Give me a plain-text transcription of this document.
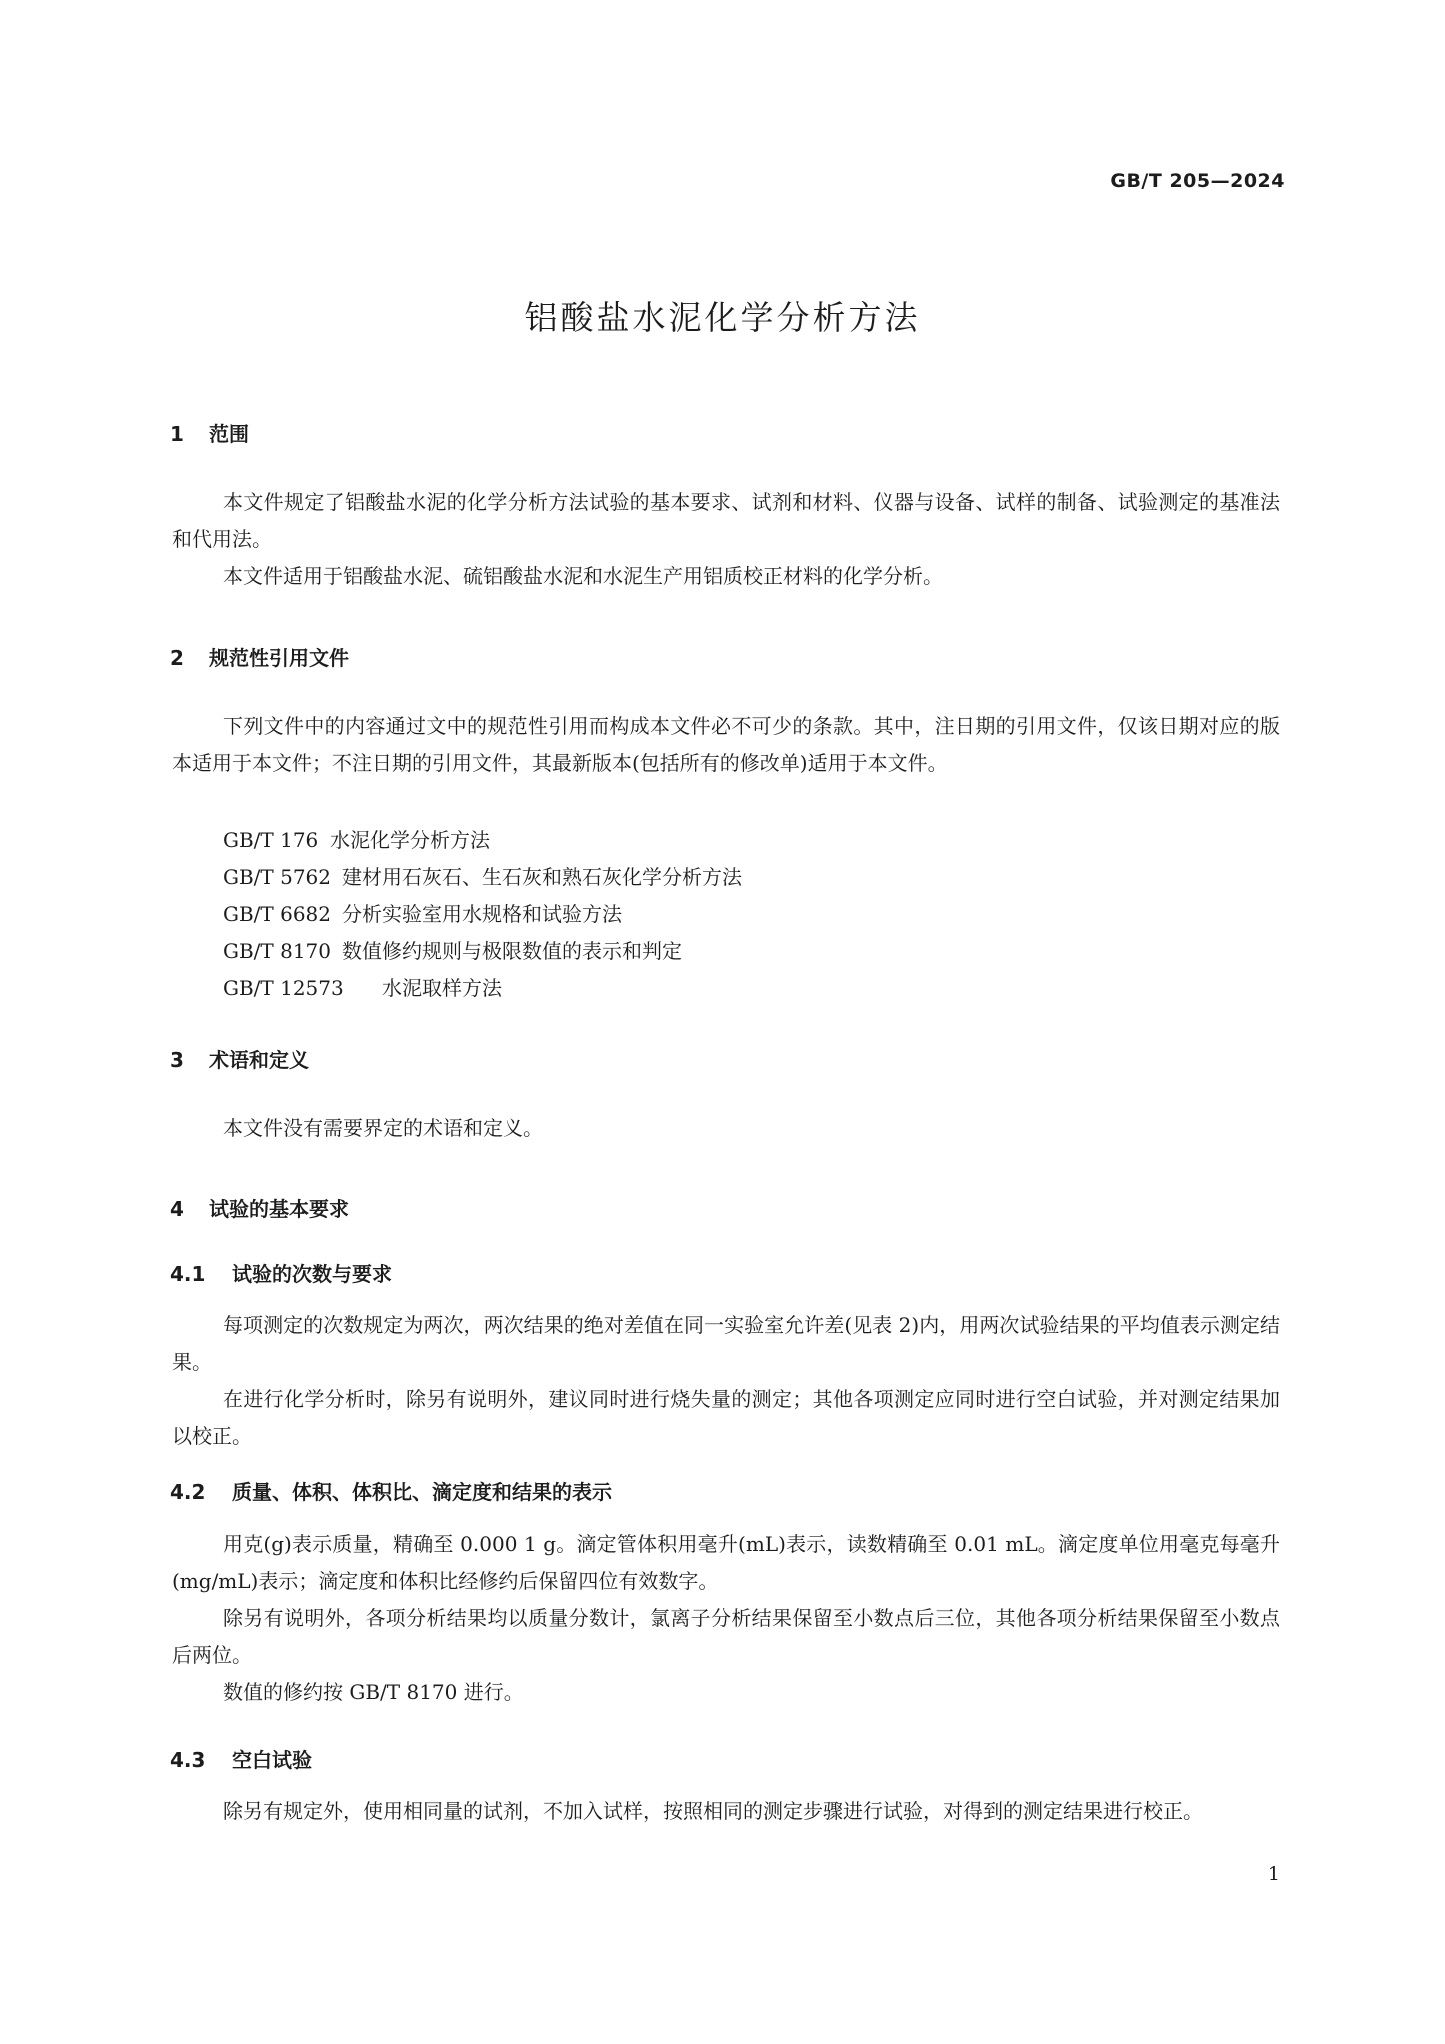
GB/T 205—2024
铝酸盐水泥化学分析方法
1 范围
本文件规定了铝酸盐水泥的化学分析方法试验的基本要求、试剂和材料、仪器与设备、试样的制备、试验测定的基准法和代用法。
本文件适用于铝酸盐水泥、硫铝酸盐水泥和水泥生产用铝质校正材料的化学分析。
2 规范性引用文件
下列文件中的内容通过文中的规范性引用而构成本文件必不可少的条款。其中，注日期的引用文件，仅该日期对应的版本适用于本文件；不注日期的引用文件，其最新版本(包括所有的修改单)适用于本文件。
GB/T 176 水泥化学分析方法
GB/T 5762 建材用石灰石、生石灰和熟石灰化学分析方法
GB/T 6682 分析实验室用水规格和试验方法
GB/T 8170 数值修约规则与极限数值的表示和判定
GB/T 12573 水泥取样方法
3 术语和定义
本文件没有需要界定的术语和定义。
4 试验的基本要求
4.1 试验的次数与要求
每项测定的次数规定为两次，两次结果的绝对差值在同一实验室允许差(见表 2)内，用两次试验结果的平均值表示测定结果。
在进行化学分析时，除另有说明外，建议同时进行烧失量的测定；其他各项测定应同时进行空白试验，并对测定结果加以校正。
4.2 质量、体积、体积比、滴定度和结果的表示
用克(g)表示质量，精确至 0.000 1 g。滴定管体积用毫升(mL)表示，读数精确至 0.01 mL。滴定度单位用毫克每毫升(mg/mL)表示；滴定度和体积比经修约后保留四位有效数字。
除另有说明外，各项分析结果均以质量分数计，氯离子分析结果保留至小数点后三位，其他各项分析结果保留至小数点后两位。
数值的修约按 GB/T 8170 进行。
4.3 空白试验
除另有规定外，使用相同量的试剂，不加入试样，按照相同的测定步骤进行试验，对得到的测定结果进行校正。
1
